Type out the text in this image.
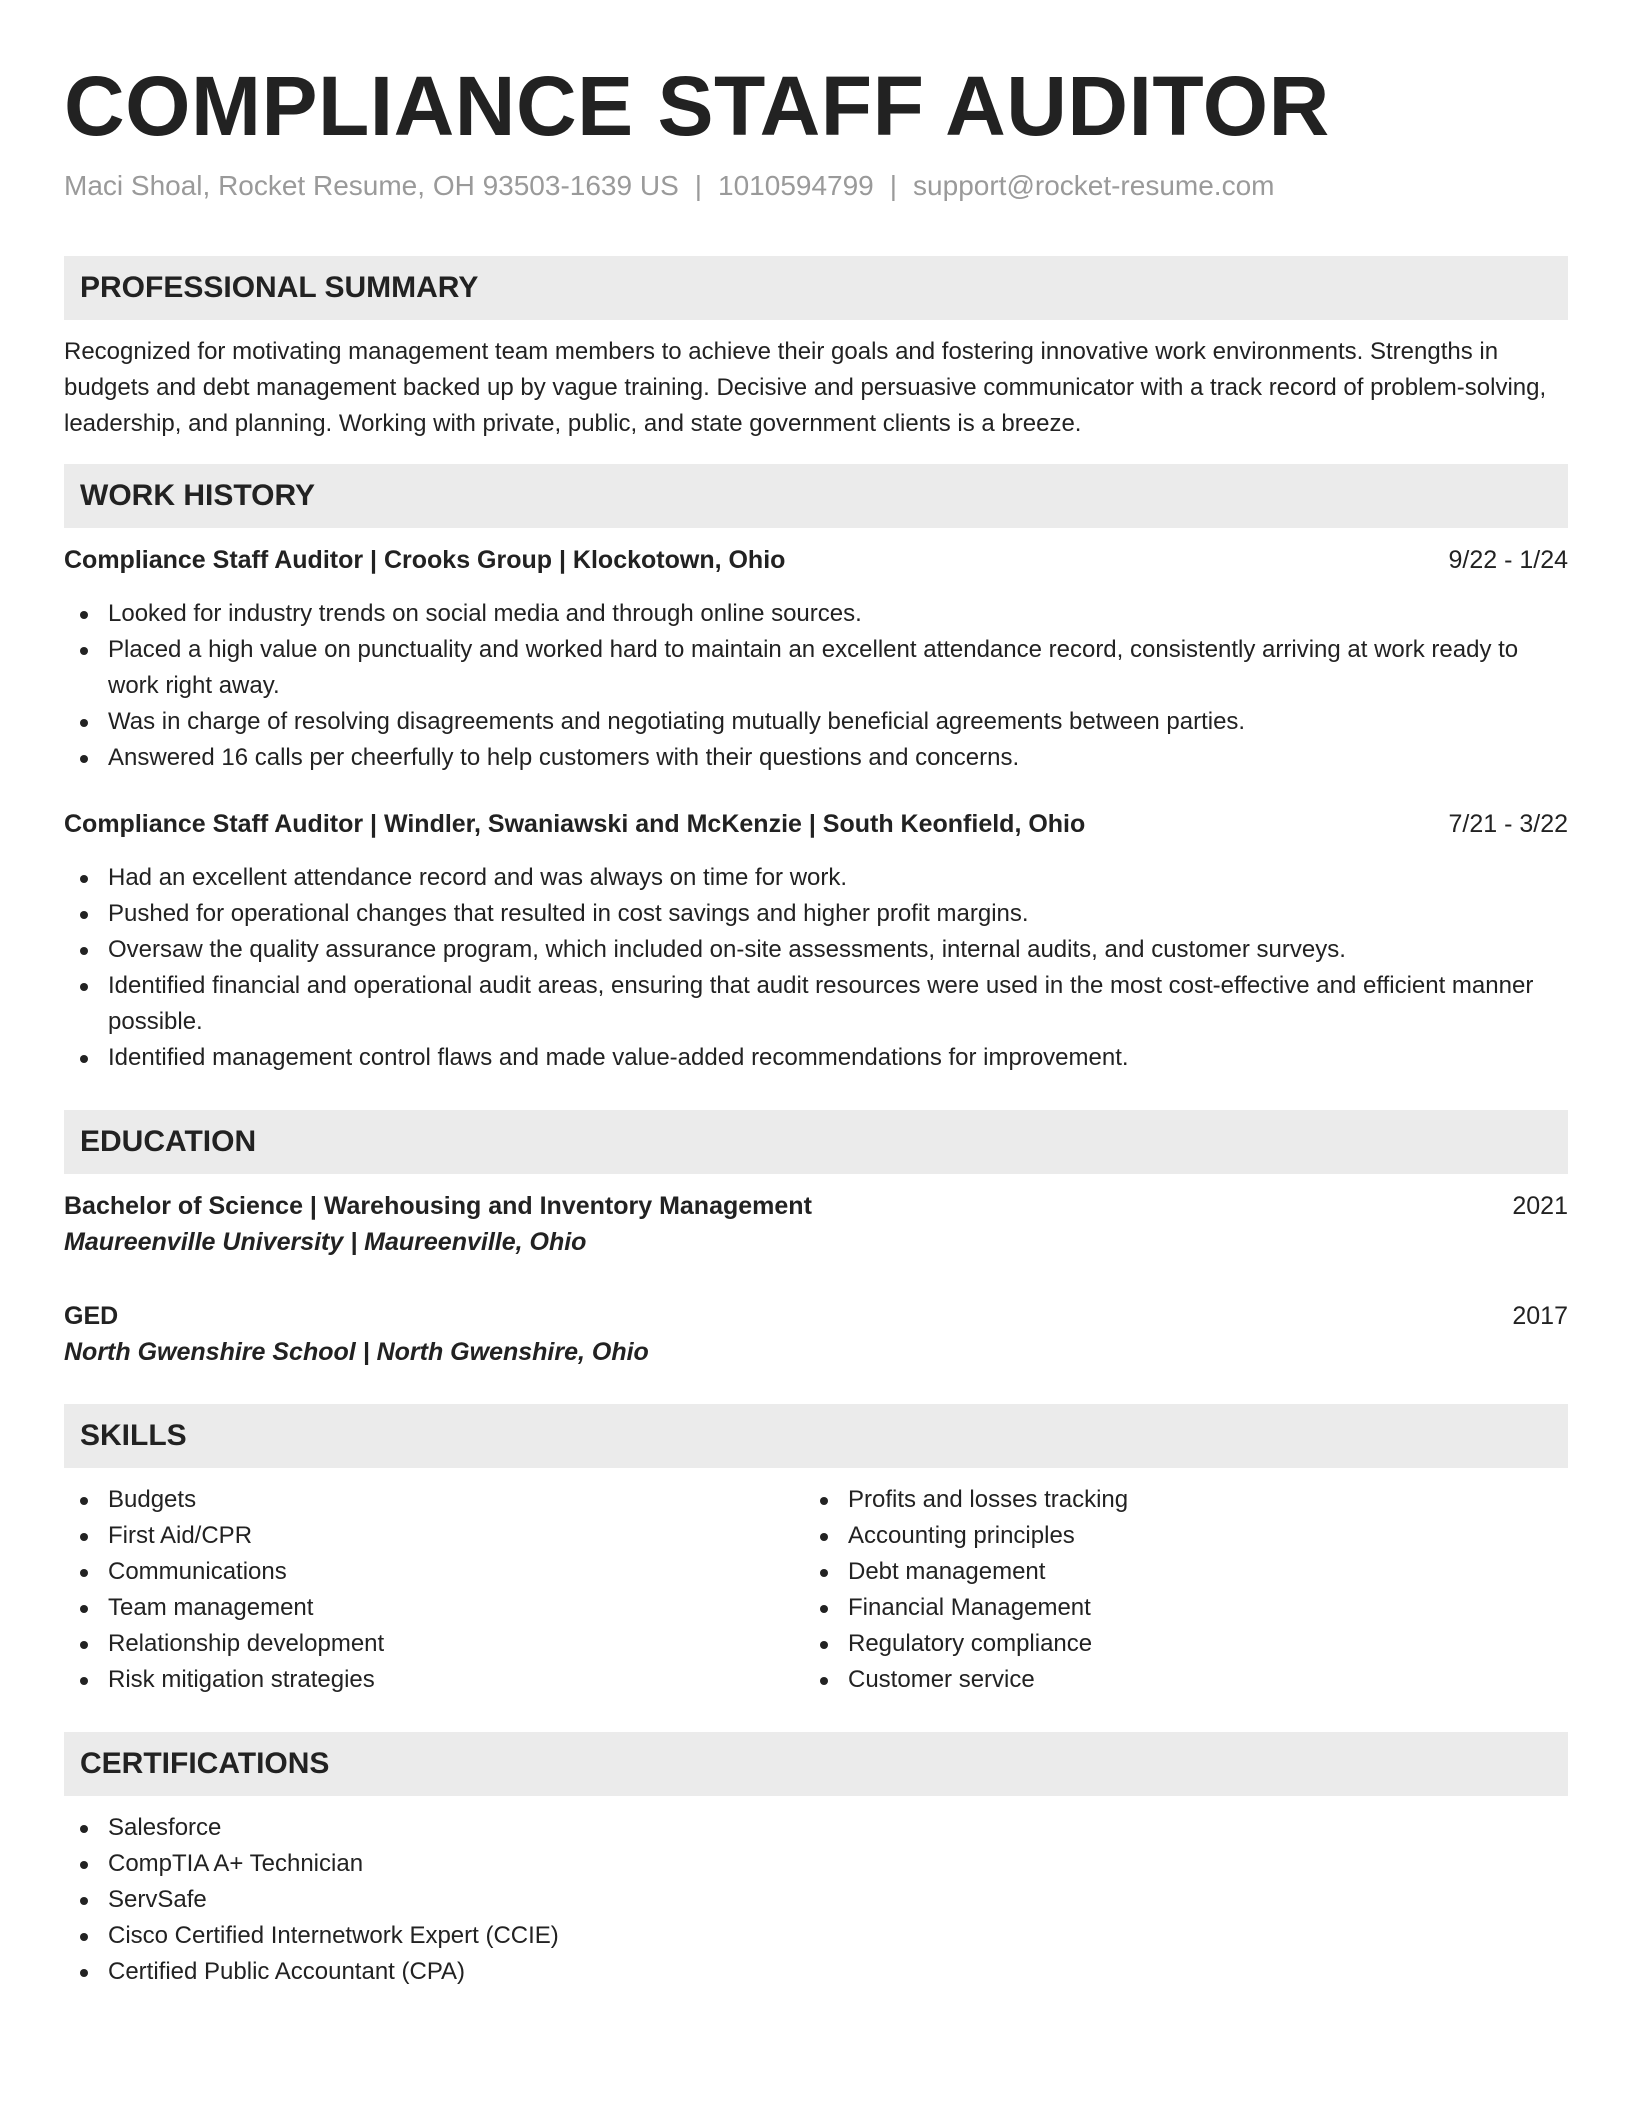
COMPLIANCE STAFF AUDITOR
Maci Shoal, Rocket Resume, OH 93503-1639 US | 1010594799 | support@rocket-resume.com
PROFESSIONAL SUMMARY
Recognized for motivating management team members to achieve their goals and fostering innovative work environments. Strengths in budgets and debt management backed up by vague training. Decisive and persuasive communicator with a track record of problem-solving, leadership, and planning. Working with private, public, and state government clients is a breeze.
WORK HISTORY
Compliance Staff Auditor | Crooks Group | Klockotown, Ohio	9/22 - 1/24
Looked for industry trends on social media and through online sources.
Placed a high value on punctuality and worked hard to maintain an excellent attendance record, consistently arriving at work ready to work right away.
Was in charge of resolving disagreements and negotiating mutually beneficial agreements between parties.
Answered 16 calls per cheerfully to help customers with their questions and concerns.
Compliance Staff Auditor | Windler, Swaniawski and McKenzie | South Keonfield, Ohio	7/21 - 3/22
Had an excellent attendance record and was always on time for work.
Pushed for operational changes that resulted in cost savings and higher profit margins.
Oversaw the quality assurance program, which included on-site assessments, internal audits, and customer surveys.
Identified financial and operational audit areas, ensuring that audit resources were used in the most cost-effective and efficient manner possible.
Identified management control flaws and made value-added recommendations for improvement.
EDUCATION
Bachelor of Science | Warehousing and Inventory Management	2021
Maureenville University | Maureenville, Ohio
GED	2017
North Gwenshire School | North Gwenshire, Ohio
SKILLS
Budgets
First Aid/CPR
Communications
Team management
Relationship development
Risk mitigation strategies
Profits and losses tracking
Accounting principles
Debt management
Financial Management
Regulatory compliance
Customer service
CERTIFICATIONS
Salesforce
CompTIA A+ Technician
ServSafe
Cisco Certified Internetwork Expert (CCIE)
Certified Public Accountant (CPA)
